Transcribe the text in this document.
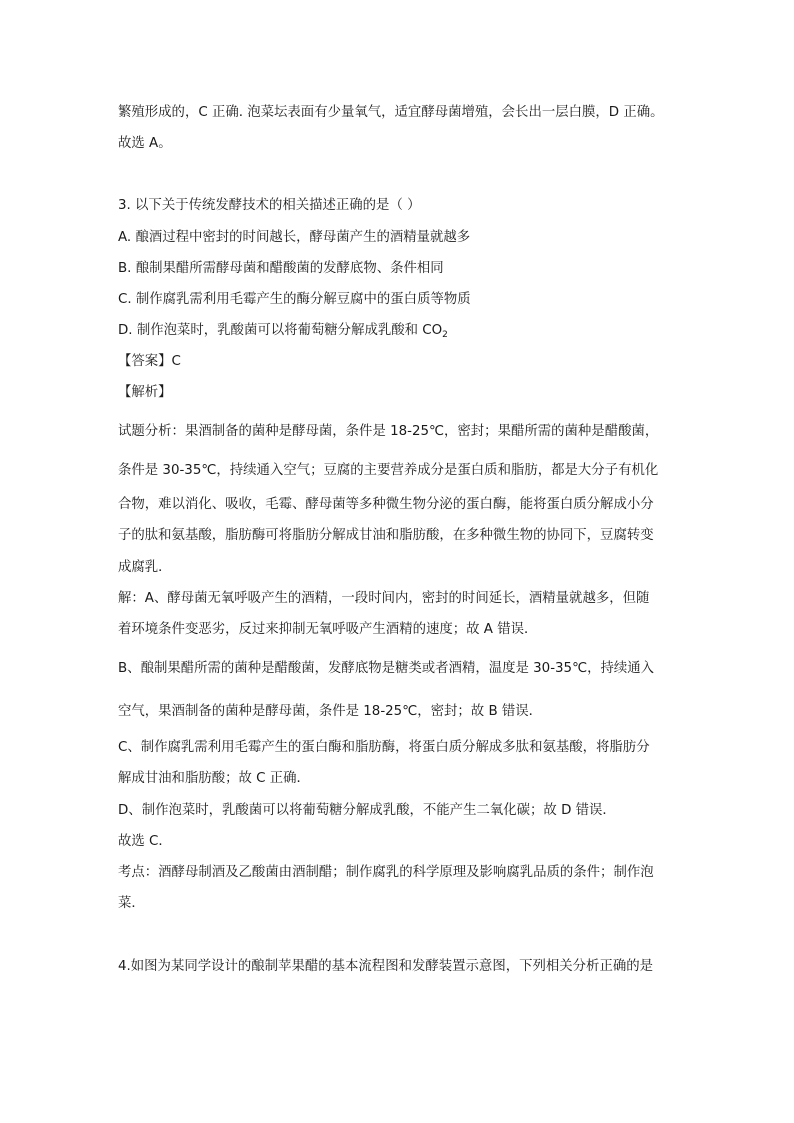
繁殖形成的，C 正确. 泡菜坛表面有少量氧气，适宜酵母菌增殖，会长出一层白膜，D 正确。
故选 A。
3. 以下关于传统发酵技术的相关描述正确的是（ ）
A. 酿酒过程中密封的时间越长，酵母菌产生的酒精量就越多
B. 酿制果醋所需酵母菌和醋酸菌的发酵底物、条件相同
C. 制作腐乳需利用毛霉产生的酶分解豆腐中的蛋白质等物质
D. 制作泡菜时，乳酸菌可以将葡萄糖分解成乳酸和 $CO_2$
【答案】C
【解析】
试题分析：果酒制备的菌种是酵母菌，条件是 18-25℃，密封；果醋所需的菌种是醋酸菌，
条件是 30-35℃，持续通入空气；豆腐的主要营养成分是蛋白质和脂肪，都是大分子有机化
合物，难以消化、吸收，毛霉、酵母菌等多种微生物分泌的蛋白酶，能将蛋白质分解成小分
子的肽和氨基酸，脂肪酶可将脂肪分解成甘油和脂肪酸，在多种微生物的协同下，豆腐转变
成腐乳．
解：A、酵母菌无氧呼吸产生的酒精，一段时间内，密封的时间延长，酒精量就越多，但随
着环境条件变恶劣，反过来抑制无氧呼吸产生酒精的速度；故 A 错误．
B、酿制果醋所需的菌种是醋酸菌，发酵底物是糖类或者酒精，温度是 30-35℃，持续通入
空气，果酒制备的菌种是酵母菌，条件是 18-25℃，密封；故 B 错误．
C、制作腐乳需利用毛霉产生的蛋白酶和脂肪酶，将蛋白质分解成多肽和氨基酸，将脂肪分
解成甘油和脂肪酸；故 C 正确．
D、制作泡菜时，乳酸菌可以将葡萄糖分解成乳酸，不能产生二氧化碳；故 D 错误．
故选 C．
考点：酒酵母制酒及乙酸菌由酒制醋；制作腐乳的科学原理及影响腐乳品质的条件；制作泡
菜．
4.如图为某同学设计的酿制苹果醋的基本流程图和发酵装置示意图，下列相关分析正确的是
